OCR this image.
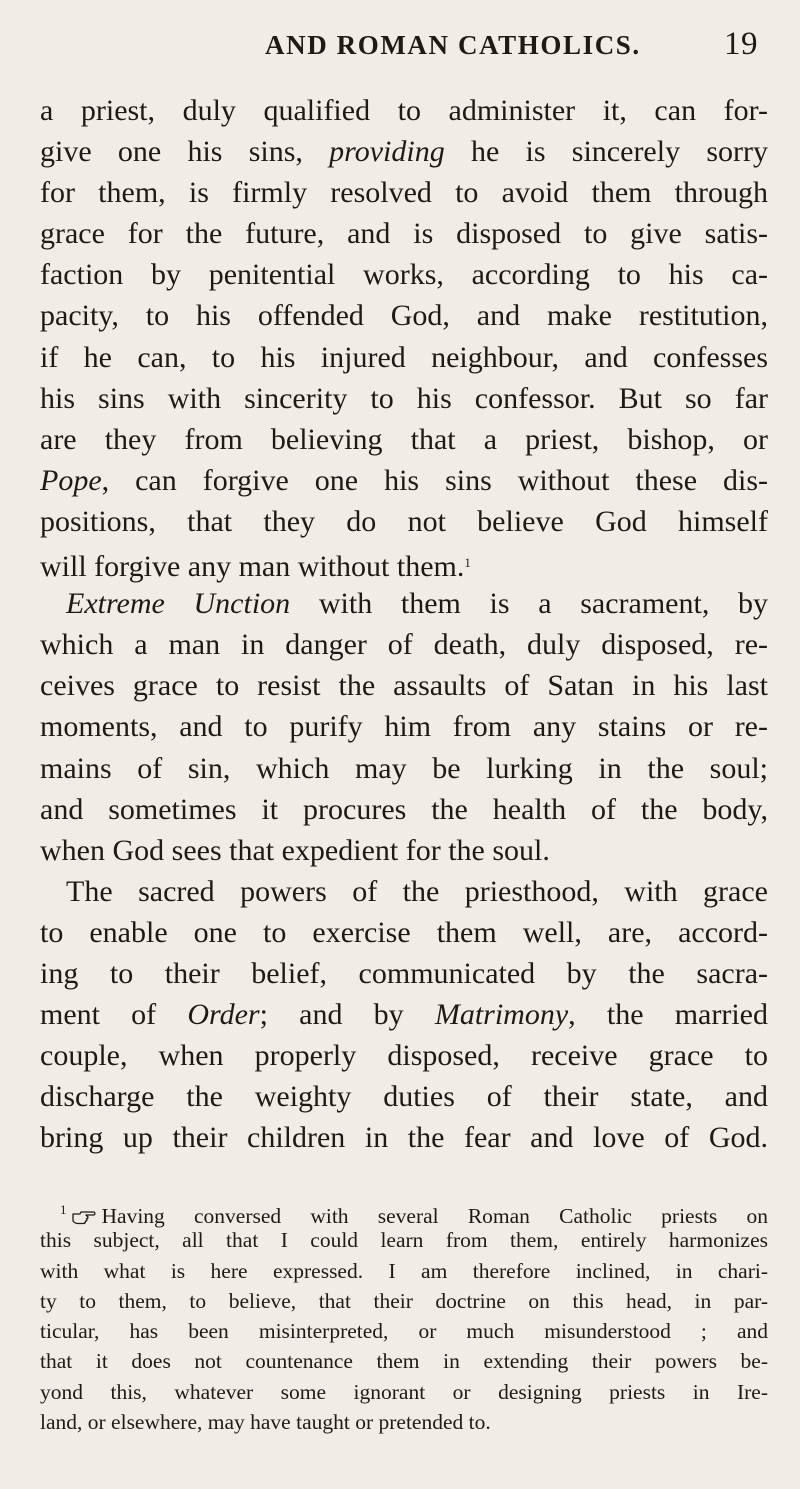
AND ROMAN CATHOLICS.	19
a priest, duly qualified to administer it, can for-
give one his sins, providing he is sincerely sorry
for them, is firmly resolved to avoid them through
grace for the future, and is disposed to give satis-
faction by penitential works, according to his ca-
pacity, to his offended God, and make restitution,
if he can, to his injured neighbour, and confesses
his sins with sincerity to his confessor. But so far
are they from believing that a priest, bishop, or
Pope, can forgive one his sins without these dis-
positions, that they do not believe God himself
will forgive any man without them.$^1$
Extreme Unction with them is a sacrament, by
which a man in danger of death, duly disposed, re-
ceives grace to resist the assaults of Satan in his last
moments, and to purify him from any stains or re-
mains of sin, which may be lurking in the soul;
and sometimes it procures the health of the body,
when God sees that expedient for the soul.
The sacred powers of the priesthood, with grace
to enable one to exercise them well, are, accord-
ing to their belief, communicated by the sacra-
ment of Order; and by Matrimony, the married
couple, when properly disposed, receive grace to
discharge the weighty duties of their state, and
bring up their children in the fear and love of God.
$^1$ Having conversed with several Roman Catholic priests on
this subject, all that I could learn from them, entirely harmonizes
with what is here expressed. I am therefore inclined, in chari-
ty to them, to believe, that their doctrine on this head, in par-
ticular, has been misinterpreted, or much misunderstood ; and
that it does not countenance them in extending their powers be-
yond this, whatever some ignorant or designing priests in Ire-
land, or elsewhere, may have taught or pretended to.
